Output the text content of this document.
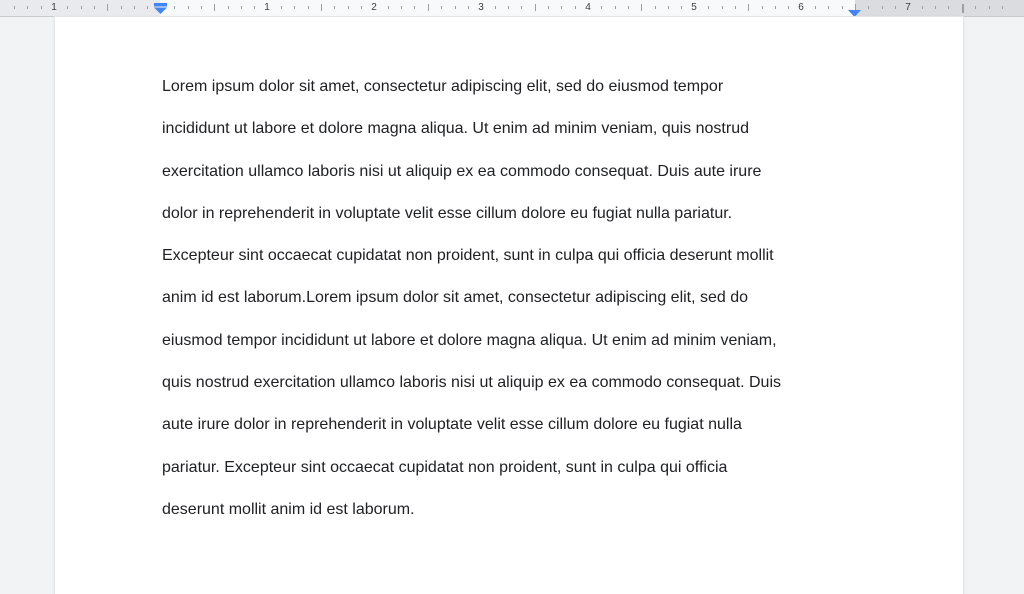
1	1	2	3	4	5	6	7

Lorem ipsum dolor sit amet, consectetur adipiscing elit, sed do eiusmod tempor
incididunt ut labore et dolore magna aliqua. Ut enim ad minim veniam, quis nostrud
exercitation ullamco laboris nisi ut aliquip ex ea commodo consequat. Duis aute irure
dolor in reprehenderit in voluptate velit esse cillum dolore eu fugiat nulla pariatur.
Excepteur sint occaecat cupidatat non proident, sunt in culpa qui officia deserunt mollit
anim id est laborum.Lorem ipsum dolor sit amet, consectetur adipiscing elit, sed do
eiusmod tempor incididunt ut labore et dolore magna aliqua. Ut enim ad minim veniam,
quis nostrud exercitation ullamco laboris nisi ut aliquip ex ea commodo consequat. Duis
aute irure dolor in reprehenderit in voluptate velit esse cillum dolore eu fugiat nulla
pariatur. Excepteur sint occaecat cupidatat non proident, sunt in culpa qui officia
deserunt mollit anim id est laborum.
